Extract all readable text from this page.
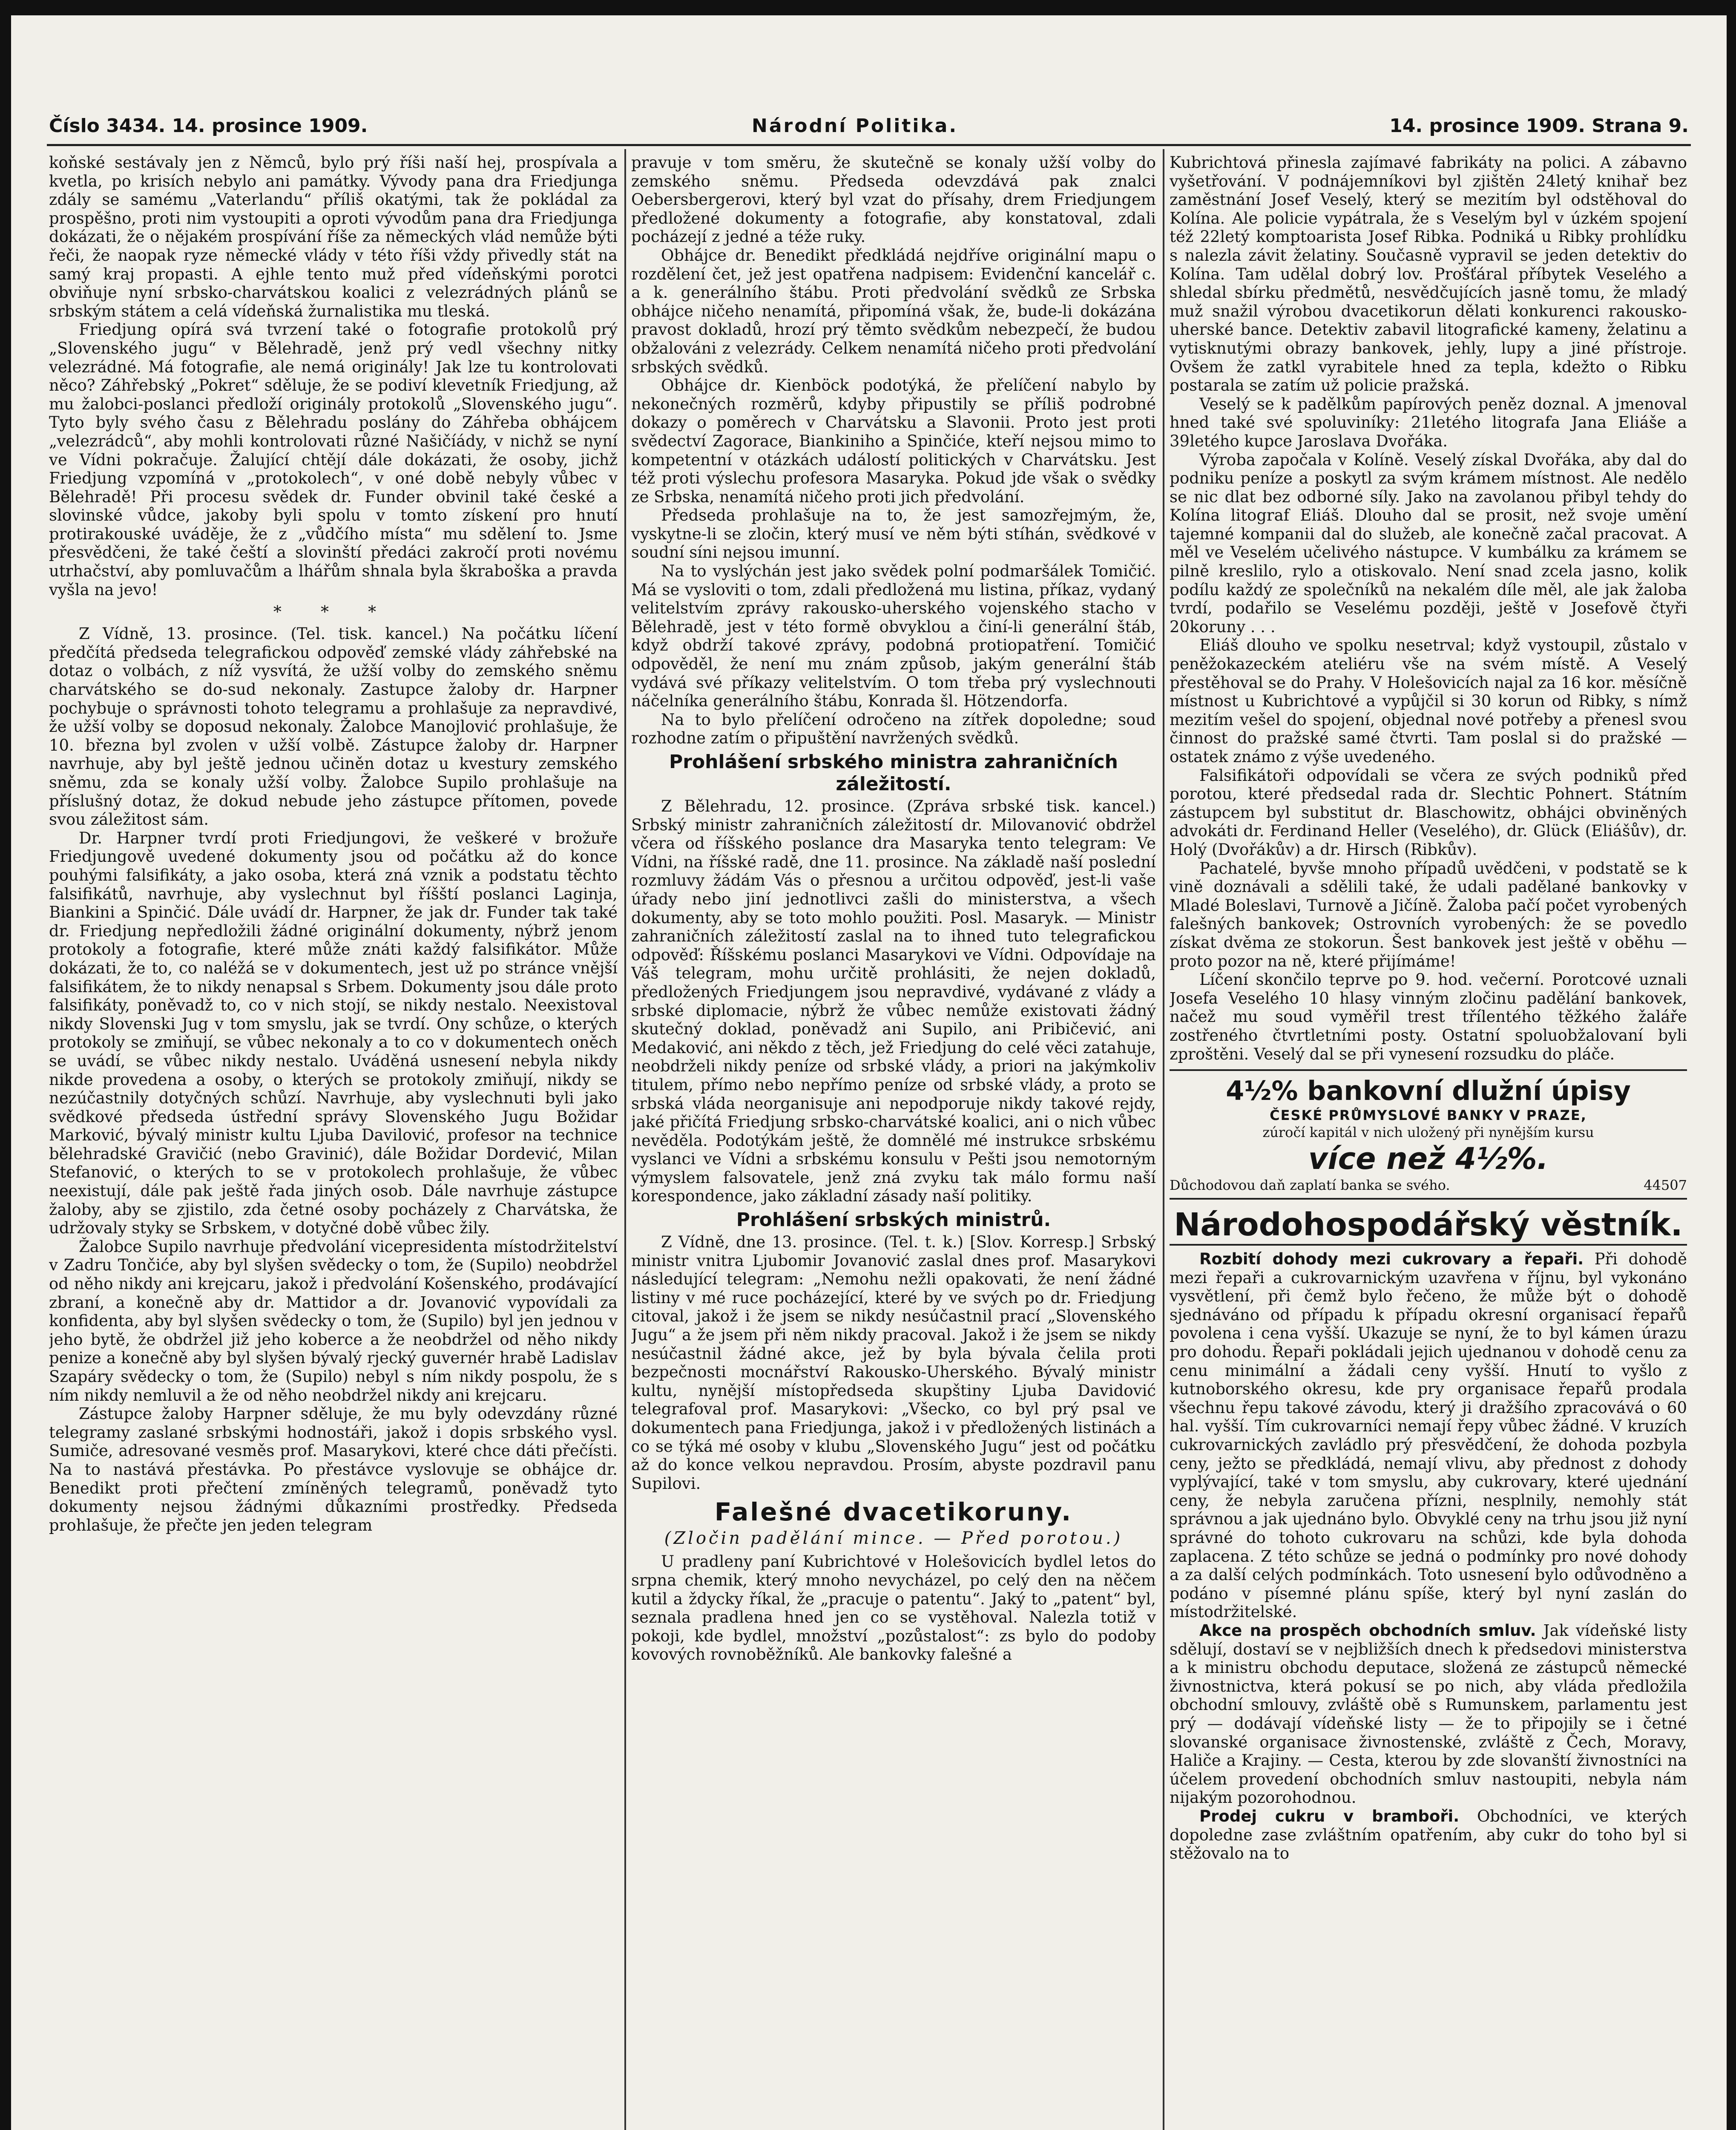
Číslo 3434. 14. prosince 1909.	Národní Politika.	14. prosince 1909. Strana 9.

koňské sestávaly jen z Němců, bylo prý říši naší hej, prospívala a kvetla, po krisích nebylo ani památky. Vývody pana dra Friedjunga zdály se samému „Vaterlandu“ příliš okatými, tak že pokládal za prospěšno, proti nim vystoupiti a oproti vývodům pana dra Friedjunga dokázati, že o nějakém prospívání říše za německých vlád nemůže býti řeči, že naopak ryze německé vlády v této říši vždy přivedly stát na samý kraj propasti. A ejhle tento muž před vídeňskými porotci obviňuje nyní srbsko-charvátskou koalici z velezrádných plánů se srbským státem a celá vídeňská žurnalistika mu tleská.

Friedjung opírá svá tvrzení také o fotografie protokolů prý „Slovenského jugu“ v Bělehradě, jenž prý vedl všechny nitky velezrádné. Má fotografie, ale nemá originály! Jak lze tu kontrolovati něco? Záhřebský „Pokret“ sděluje, že se podiví klevetník Friedjung, až mu žalobci-poslanci předloží originály protokolů „Slovenského jugu“. Tyto byly svého času z Bělehradu poslány do Záhřeba obhájcem „velezrádců“, aby mohli kontrolovati různé Našičíády, v nichž se nyní ve Vídni pokračuje. Žalující chtějí dále dokázati, že osoby, jichž Friedjung vzpomíná v „protokolech“, v oné době nebyly vůbec v Bělehradě! Při procesu svědek dr. Funder obvinil také české a slovinské vůdce, jakoby byli spolu v tomto získení pro hnutí protirakouské uváděje, že z „vůdčího místa“ mu sdělení to. Jsme přesvědčeni, že také čeští a slovinští předáci zakročí proti novému utrhačství, aby pomluvačům a lhářům shnala byla škraboška a pravda vyšla na jevo!

* * *

Z Vídně, 13. prosince. (Tel. tisk. kancel.) Na počátku líčení předčítá předseda telegrafickou odpověď zemské vlády záhřebské na dotaz o volbách, z níž vysvítá, že užší volby do zemského sněmu charvátského se do-sud nekonaly. Zastupce žaloby dr. Harpner pochybuje o správnosti tohoto telegramu a prohlašuje za nepravdivé, že užší volby se doposud nekonaly. Žalobce Manojlović prohlašuje, že 10. března byl zvolen v užší volbě. Zástupce žaloby dr. Harpner navrhuje, aby byl ještě jednou učiněn dotaz u kvestury zemského sněmu, zda se konaly užší volby. Žalobce Supilo prohlašuje na příslušný dotaz, že dokud nebude jeho zástupce přítomen, povede svou záležitost sám.

Dr. Harpner tvrdí proti Friedjungovi, že veškeré v brožuře Friedjungově uvedené dokumenty jsou od počátku až do konce pouhými falsifikáty, a jako osoba, která zná vznik a podstatu těchto falsifikátů, navrhuje, aby vyslechnut byl říšští poslanci Laginja, Biankini a Spinčić. Dále uvádí dr. Harpner, že jak dr. Funder tak také dr. Friedjung nepředložili žádné originální dokumenty, nýbrž jenom protokoly a fotografie, které může znáti každý falsifikátor. Může dokázati, že to, co naléžá se v dokumentech, jest už po stránce vnější falsifikátem, že to nikdy nenapsal s Srbem. Dokumenty jsou dále proto falsifikáty, poněvadž to, co v nich stojí, se nikdy nestalo. Neexistoval nikdy Slovenski Jug v tom smyslu, jak se tvrdí. Ony schůze, o kterých protokoly se zmiňují, se vůbec nekonaly a to co v dokumentech oněch se uvádí, se vůbec nikdy nestalo. Uváděná usnesení nebyla nikdy nikde provedena a osoby, o kterých se protokoly zmiňují, nikdy se nezúčastnily dotyčných schůzí. Navrhuje, aby vyslechnuti byli jako svědkové předseda ústřední správy Slovenského Jugu Božidar Marković, bývalý ministr kultu Ljuba Davilović, profesor na technice bělehradské Gravičić (nebo Gravinić), dále Božidar Dordević, Milan Stefanović, o kterých to se v protokolech prohlašuje, že vůbec neexistují, dále pak ještě řada jiných osob. Dále navrhuje zástupce žaloby, aby se zjistilo, zda četné osoby pocházely z Charvátska, že udržovaly styky se Srbskem, v dotyčné době vůbec žily.

Žalobce Supilo navrhuje předvolání vicepresidenta místodržitelství v Zadru Tončiće, aby byl slyšen svědecky o tom, že (Supilo) neobdržel od něho nikdy ani krejcaru, jakož i předvolání Košenského, prodávající zbraní, a konečně aby dr. Mattidor a dr. Jovanović vypovídali za konfidenta, aby byl slyšen svědecky o tom, že (Supilo) byl jen jednou v jeho bytě, že obdržel již jeho koberce a že neobdržel od něho nikdy penize a konečně aby byl slyšen bývalý rjecký guvernér hrabě Ladislav Szapáry svědecky o tom, že (Supilo) nebyl s ním nikdy pospolu, že s ním nikdy nemluvil a že od něho neobdržel nikdy ani krejcaru.

Zástupce žaloby Harpner sděluje, že mu byly odevzdány různé telegramy zaslané srbskými hodnostáři, jakož i dopis srbského vysl. Sumiče, adresované vesměs prof. Masarykovi, které chce dáti přečísti. Na to nastává přestávka. Po přestávce vyslovuje se obhájce dr. Benedikt proti přečtení zmíněných telegramů, poněvadž tyto dokumenty nejsou žádnými důkazními prostředky. Předseda prohlašuje, že přečte jen jeden telegram

pravuje v tom směru, že skutečně se konaly užší volby do zemského sněmu. Předseda odevzdává pak znalci Oebersbergerovi, který byl vzat do přísahy, drem Friedjungem předložené dokumenty a fotografie, aby konstatoval, zdali pocházejí z jedné a téže ruky.

Obhájce dr. Benedikt předkládá nejdříve originální mapu o rozdělení čet, jež jest opatřena nadpisem: Evidenční kancelář c. a k. generálního štábu. Proti předvolání svědků ze Srbska obhájce ničeho nenamítá, připomíná však, že, bude-li dokázána pravost dokladů, hrozí prý těmto svědkům nebezpečí, že budou obžalováni z velezrády. Celkem nenamítá ničeho proti předvolání srbských svědků.

Obhájce dr. Kienböck podotýká, že přelíčení nabylo by nekonečných rozměrů, kdyby připustily se příliš podrobné dokazy o poměrech v Charvátsku a Slavonii. Proto jest proti svědectví Zagorace, Biankiniho a Spinčiće, kteří nejsou mimo to kompetentní v otázkách událostí politických v Charvátsku. Jest též proti výslechu profesora Masaryka. Pokud jde však o svědky ze Srbska, nenamítá ničeho proti jich předvolání.

Předseda prohlašuje na to, že jest samozřejmým, že, vyskytne-li se zločin, který musí ve něm býti stíhán, svědkové v soudní síni nejsou imunní.

Na to vyslýchán jest jako svědek polní podmaršálek Tomičić. Má se vysloviti o tom, zdali předložená mu listina, příkaz, vydaný velitelstvím zprávy rakousko-uherského vojenského stacho v Bělehradě, jest v této formě obvyklou a činí-li generální štáb, když obdrží takové zprávy, podobná protiopatření. Tomičić odpověděl, že není mu znám způsob, jakým generální štáb vydává své příkazy velitelstvím. O tom třeba prý vyslechnouti náčelníka generálního štábu, Konrada šl. Hötzendorfa.

Na to bylo přelíčení odročeno na zítřek dopoledne; soud rozhodne zatím o připuštění navržených svědků.

Prohlášení srbského ministra zahraničních záležitostí.

Z Bělehradu, 12. prosince. (Zpráva srbské tisk. kancel.) Srbský ministr zahraničních záležitostí dr. Milovanović obdržel včera od říšského poslance dra Masaryka tento telegram: Ve Vídni, na říšské radě, dne 11. prosince. Na základě naší poslední rozmluvy žádám Vás o přesnou a určitou odpověď, jest-li vaše úřady nebo jiní jednotlivci zašli do ministerstva, a všech dokumenty, aby se toto mohlo použiti. Posl. Masaryk. — Ministr zahraničních záležitostí zaslal na to ihned tuto telegrafickou odpověď: Říšskému poslanci Masarykovi ve Vídni. Odpovídaje na Váš telegram, mohu určitě prohlásiti, že nejen dokladů, předložených Friedjungem jsou nepravdivé, vydávané z vlády a srbské diplomacie, nýbrž že vůbec nemůže existovati žádný skutečný doklad, poněvadž ani Supilo, ani Pribičević, ani Medaković, ani někdo z těch, jež Friedjung do celé věci zatahuje, neobdrželi nikdy peníze od srbské vlády, a priori na jakýmkoliv titulem, přímo nebo nepřímo peníze od srbské vlády, a proto se srbská vláda neorganisuje ani nepodporuje nikdy takové rejdy, jaké přičítá Friedjung srbsko-charvátské koalici, ani o nich vůbec nevěděla. Podotýkám ještě, že domnělé mé instrukce srbskému vyslanci ve Vídni a srbskému konsulu v Pešti jsou nemotorným výmyslem falsovatele, jenž zná zvyku tak málo formu naší korespondence, jako základní zásady naší politiky.

Prohlášení srbských ministrů.

Z Vídně, dne 13. prosince. (Tel. t. k.) [Slov. Korresp.] Srbský ministr vnitra Ljubomir Jovanović zaslal dnes prof. Masarykovi následující telegram: „Nemohu nežli opakovati, že není žádné listiny v mé ruce pocházející, které by ve svých po dr. Friedjung citoval, jakož i že jsem se nikdy nesúčastnil prací „Slovenského Jugu“ a že jsem při něm nikdy pracoval. Jakož i že jsem se nikdy nesúčastnil žádné akce, jež by byla bývala čelila proti bezpečnosti mocnářství Rakousko-Uherského. Bývalý ministr kultu, nynější místopředseda skupštiny Ljuba Davidović telegrafoval prof. Masarykovi: „Všecko, co byl prý psal ve dokumentech pana Friedjunga, jakož i v předložených listinách a co se týká mé osoby v klubu „Slovenského Jugu“ jest od počátku až do konce velkou nepravdou. Prosím, abyste pozdravil panu Supilovi.

Falešné dvacetikoruny.
(Zločin padělání mince. — Před porotou.)

U pradleny paní Kubrichtové v Holešovicích bydlel letos do srpna chemik, který mnoho nevycházel, po celý den na něčem kutil a ždycky říkal, že „pracuje o patentu“. Jaký to „patent“ byl, seznala pradlena hned jen co se vystěhoval. Nalezla totiž v pokoji, kde bydlel, množství „pozůstalost“: zs bylo do podoby kovových rovnoběžníků. Ale bankovky falešné a

Kubrichtová přinesla zajímavé fabrikáty na polici. A zábavno vyšetřování. V podnájemníkovi byl zjištěn 24letý knihař bez zaměstnání Josef Veselý, který se mezitím byl odstěhoval do Kolína. Ale policie vypátrala, že s Veselým byl v úzkém spojení též 22letý komptoarista Josef Ribka. Podniká u Ribky prohlídku s nalezla závit želatiny. Současně vypravil se jeden detektiv do Kolína. Tam udělal dobrý lov. Prošťáral příbytek Veselého a shledal sbírku předmětů, nesvědčujících jasně tomu, že mladý muž snažil výrobou dvacetikorun dělati konkurenci rakousko-uherské bance. Detektiv zabavil litografické kameny, želatinu a vytisknutými obrazy bankovek, jehly, lupy a jiné přístroje. Ovšem že zatkl vyrabitele hned za tepla, kdežto o Ribku postarala se zatím už policie pražská.

Veselý se k padělkům papírových peněz doznal. A jmenoval hned také své spoluviníky: 21letého litografa Jana Eliáše a 39letého kupce Jaroslava Dvořáka.

Výroba započala v Kolíně. Veselý získal Dvořáka, aby dal do podniku peníze a poskytl za svým krámem místnost. Ale nedělo se nic dlat bez odborné síly. Jako na zavolanou přibyl tehdy do Kolína litograf Eliáš. Dlouho dal se prosit, než svoje umění tajemné kompanii dal do služeb, ale konečně začal pracovat. A měl ve Veselém učelivého nástupce. V kumbálku za krámem se pilně kreslilo, rylo a otiskovalo. Není snad zcela jasno, kolik podílu každý ze společníků na nekalém díle měl, ale jak žaloba tvrdí, podařilo se Veselému později, ještě v Josefově čtyři 20koruny . . .

Eliáš dlouho ve spolku nesetrval; když vystoupil, zůstalo v peněžokazeckém ateliéru vše na svém místě. A Veselý přestěhoval se do Prahy. V Holešovicích najal za 16 kor. měsíčně místnost u Kubrichtové a vypůjčil si 30 korun od Ribky, s nímž mezitím vešel do spojení, objednal nové potřeby a přenesl svou činnost do pražské samé čtvrti. Tam poslal si do pražské — ostatek známo z výše uvedeného.

Falsifikátoři odpovídali se včera ze svých podniků před porotou, které předsedal rada dr. Slechtic Pohnert. Státním zástupcem byl substitut dr. Blaschowitz, obhájci obviněných advokáti dr. Ferdinand Heller (Veselého), dr. Glück (Eliášův), dr. Holý (Dvořákův) a dr. Hirsch (Ribkův).

Pachatelé, byvše mnoho případů uvědčeni, v podstatě se k vině doznávali a sdělili také, že udali padělané bankovky v Mladé Boleslavi, Turnově a Jičíně. Žaloba pačí počet vyrobených falešných bankovek; Ostrovních vyrobených: že se povedlo získat dvěma ze stokorun. Šest bankovek jest ještě v oběhu — proto pozor na ně, které přijímáme!

Líčení skončilo teprve po 9. hod. večerní. Porotcové uznali Josefa Veselého 10 hlasy vinným zločinu padělání bankovek, načež mu soud vyměřil trest třílentého těžkého žaláře zostřeného čtvrtletními posty. Ostatní spoluobžalovaní byli zproštěni. Veselý dal se při vynesení rozsudku do pláče.

4½% bankovní dlužní úpisy
ČESKÉ PRŮMYSLOVÉ BANKY V PRAZE,
zúročí kapitál v nich uložený při nynějším kursu
více než 4½%.
Důchodovou daň zaplatí banka se svého.	44507
Národohospodářský věstník.

Rozbití dohody mezi cukrovary a řepaři. Při dohodě mezi řepaři a cukrovarnickým uzavřena v říjnu, byl vykonáno vysvětlení, při čemž bylo řečeno, že může být o dohodě sjednáváno od případu k případu okresní organisací řepařů povolena i cena vyšší. Ukazuje se nyní, že to byl kámen úrazu pro dohodu. Řepaři pokládali jejich ujednanou v dohodě cenu za cenu minimální a žádali ceny vyšší. Hnutí to vyšlo z kutnoborského okresu, kde pry organisace řepařů prodala všechnu řepu takové závodu, který ji dražšího zpracovává o 60 hal. vyšší. Tím cukrovarníci nemají řepy vůbec žádné. V kruzích cukrovarnických zavládlo prý přesvědčení, že dohoda pozbyla ceny, ježto se předkládá, nemají vlivu, aby přednost z dohody vyplývající, také v tom smyslu, aby cukrovary, které ujednání ceny, že nebyla zaručena přízni, nesplnily, nemohly stát správnou a jak ujednáno bylo. Obvyklé ceny na trhu jsou již nyní správné do tohoto cukrovaru na schůzi, kde byla dohoda zaplacena. Z této schůze se jedná o podmínky pro nové dohody a za další celých podmínkách. Toto usnesení bylo odůvodněno a podáno v písemné plánu spíše, který byl nyní zaslán do místodržitelské.

Akce na prospěch obchodních smluv. Jak vídeňské listy sdělují, dostaví se v nejbližších dnech k předsedovi ministerstva a k ministru obchodu deputace, složená ze zástupců německé živnostnictva, která pokusí se po nich, aby vláda předložila obchodní smlouvy, zvláště obě s Rumunskem, parlamentu jest prý — dodávají vídeňské listy — že to připojily se i četné slovanské organisace živnostenské, zvláště z Čech, Moravy, Haliče a Krajiny. — Cesta, kterou by zde slovanští živnostníci na účelem provedení obchodních smluv nastoupiti, nebyla nám nijakým pozorohodnou.

Prodej cukru v bramboři. Obchodníci, ve kterých dopoledne zase zvláštním opatřením, aby cukr do toho byl si stěžovalo na to
